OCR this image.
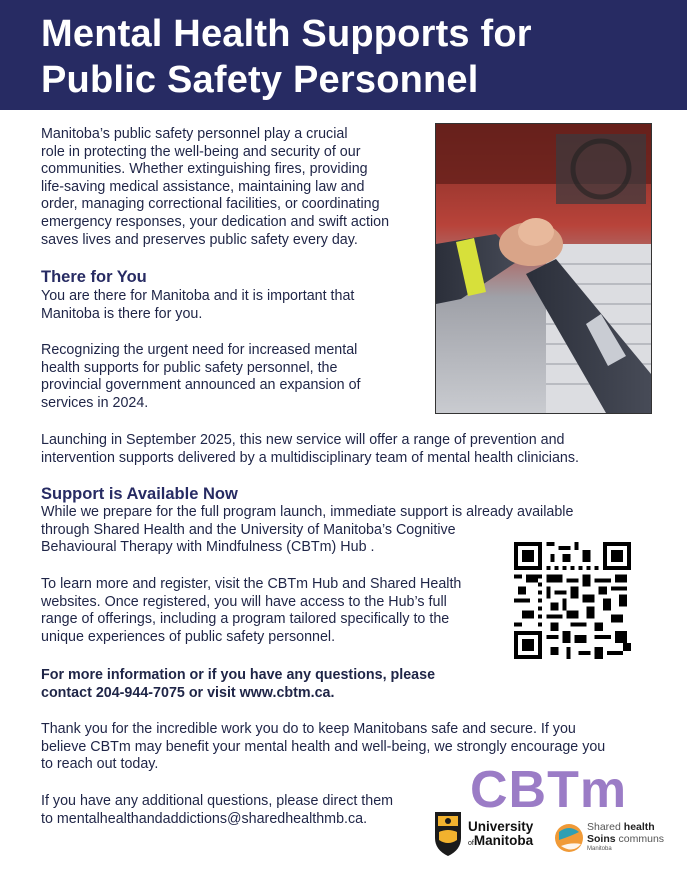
Mental Health Supports for
Public Safety Personnel

Manitoba’s public safety personnel play a crucial
role in protecting the well-being and security of our
communities. Whether extinguishing fires, providing
life-saving medical assistance, maintaining law and
order, managing correctional facilities, or coordinating
emergency responses, your dedication and swift action
saves lives and preserves public safety every day.

There for You

You are there for Manitoba and it is important that
Manitoba is there for you.

Recognizing the urgent need for increased mental
health supports for public safety personnel, the
provincial government announced an expansion of
services in 2024.

Launching in September 2025, this new service will offer a range of prevention and
intervention supports delivered by a multidisciplinary team of mental health clinicians.

Support is Available Now

While we prepare for the full program launch, immediate support is already available
through Shared Health and the University of Manitoba’s Cognitive
Behavioural Therapy with Mindfulness (CBTm) Hub .

To learn more and register, visit the CBTm Hub and Shared Health
websites. Once registered, you will have access to the Hub’s full
range of offerings, including a program tailored specifically to the
unique experiences of public safety personnel.

For more information or if you have any questions, please
contact 204-944-7075 or visit www.cbtm.ca.

Thank you for the incredible work you do to keep Manitobans safe and secure. If you
believe CBTm may benefit your mental health and well-being, we strongly encourage you
to reach out today.

If you have any additional questions, please direct them
to mentalhealthandaddictions@sharedhealthmb.ca.	CBTm
University
ofManitoba
Shared health
Soins communs
Manitoba
